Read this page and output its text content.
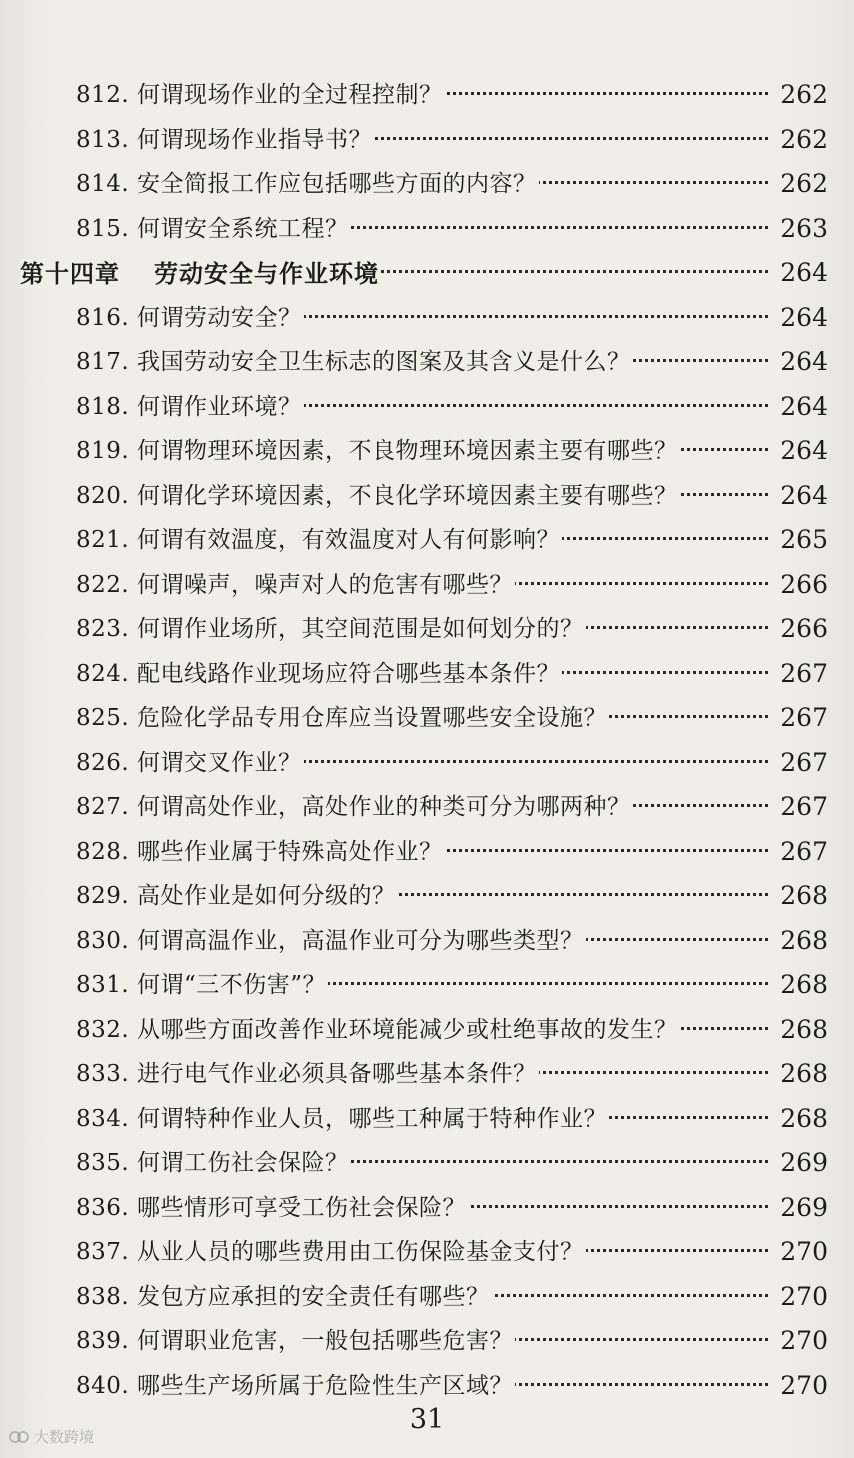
812. 何谓现场作业的全过程控制？	262
813. 何谓现场作业指导书？	262
814. 安全简报工作应包括哪些方面的内容？	262
815. 何谓安全系统工程？	263
第十四章 劳动安全与作业环境	264
816. 何谓劳动安全？	264
817. 我国劳动安全卫生标志的图案及其含义是什么？	264
818. 何谓作业环境？	264
819. 何谓物理环境因素，不良物理环境因素主要有哪些？	264
820. 何谓化学环境因素，不良化学环境因素主要有哪些？	264
821. 何谓有效温度，有效温度对人有何影响？	265
822. 何谓噪声，噪声对人的危害有哪些？	266
823. 何谓作业场所，其空间范围是如何划分的？	266
824. 配电线路作业现场应符合哪些基本条件？	267
825. 危险化学品专用仓库应当设置哪些安全设施？	267
826. 何谓交叉作业？	267
827. 何谓高处作业，高处作业的种类可分为哪两种？	267
828. 哪些作业属于特殊高处作业？	267
829. 高处作业是如何分级的？	268
830. 何谓高温作业，高温作业可分为哪些类型？	268
831. 何谓“三不伤害”？	268
832. 从哪些方面改善作业环境能减少或杜绝事故的发生？	268
833. 进行电气作业必须具备哪些基本条件？	268
834. 何谓特种作业人员，哪些工种属于特种作业？	268
835. 何谓工伤社会保险？	269
836. 哪些情形可享受工伤社会保险？	269
837. 从业人员的哪些费用由工伤保险基金支付？	270
838. 发包方应承担的安全责任有哪些？	270
839. 何谓职业危害，一般包括哪些危害？	270
840. 哪些生产场所属于危险性生产区域？	270
31
大数跨境
